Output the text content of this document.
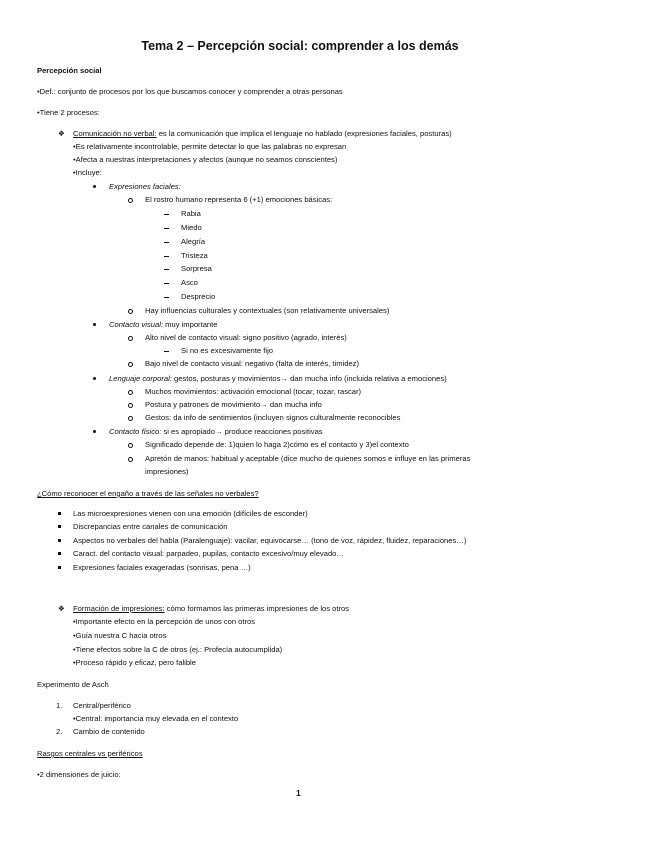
Tema 2 – Percepción social: comprender a los demás
Percepción social
•Def.: conjunto de procesos por los que buscamos conocer y comprender a otras personas
•Tiene 2 procesos:
❖ Comunicación no verbal: es la comunicación que implica el lenguaje no hablado (expresiones faciales, posturas)
•Es relativamente incontrolable, permite detectar lo que las palabras no expresan
•Afecta a nuestras interpretaciones y afectos (aunque no seamos conscientes)
•Incluye:
Expresiones faciales:
El rostro humano representa 6 (+1) emociones básicas:
Rabia
Miedo
Alegría
Tristeza
Sorpresa
Asco
Desprecio
Hay influencias culturales y contextuales (son relativamente universales)
Contacto visual: muy importante
Alto nivel de contacto visual: signo positivo (agrado, interés)
Si no es excesivamente fijo
Bajo nivel de contacto visual: negativo (falta de interés, timidez)
Lenguaje corporal: gestos, posturas y movimientos→ dan mucha info (incluida relativa a emociones)
Muchos movimientos: activación emocional (tocar, rozar, rascar)
Postura y patrones de movimiento→ dan mucha info
Gestos: da info de sentimientos (incluyen signos culturalmente reconocibles
Contacto físico: si es apropiado→ produce reacciones positivas
Significado depende de: 1)quien lo haga 2)cómo es el contacto y 3)el contexto
Apretón de manos: habitual y aceptable (dice mucho de quienes somos e influye en las primeras
impresiones)
¿Cómo reconocer el engaño a través de las señales no verbales?
Las microexpresiones vienen con una emoción (difíciles de esconder)
Discrepancias entre canales de comunicación
Aspectos no verbales del habla (Paralenguaje): vacilar, equivocarse… (tono de voz, rápidez, fluidez, reparaciones…)
Caract. del contacto visual: parpadeo, pupilas, contacto excesivo/muy elevado…
Expresiones faciales exageradas (sonrisas, pena …)
❖ Formación de impresiones: cómo formamos las primeras impresiones de los otros
•Importante efecto en la percepción de unos con otros
•Guía nuestra C hacia otros
•Tiene efectos sobre la C de otros (ej.: Profecía autocumplida)
•Proceso rápido y eficaz, pero falible
Experimento de Asch
1. Central/periférico
•Central: importancia muy elevada en el contexto
2. Cambio de contenido
Rasgos centrales vs periféricos
•2 dimensiones de juicio:
1
